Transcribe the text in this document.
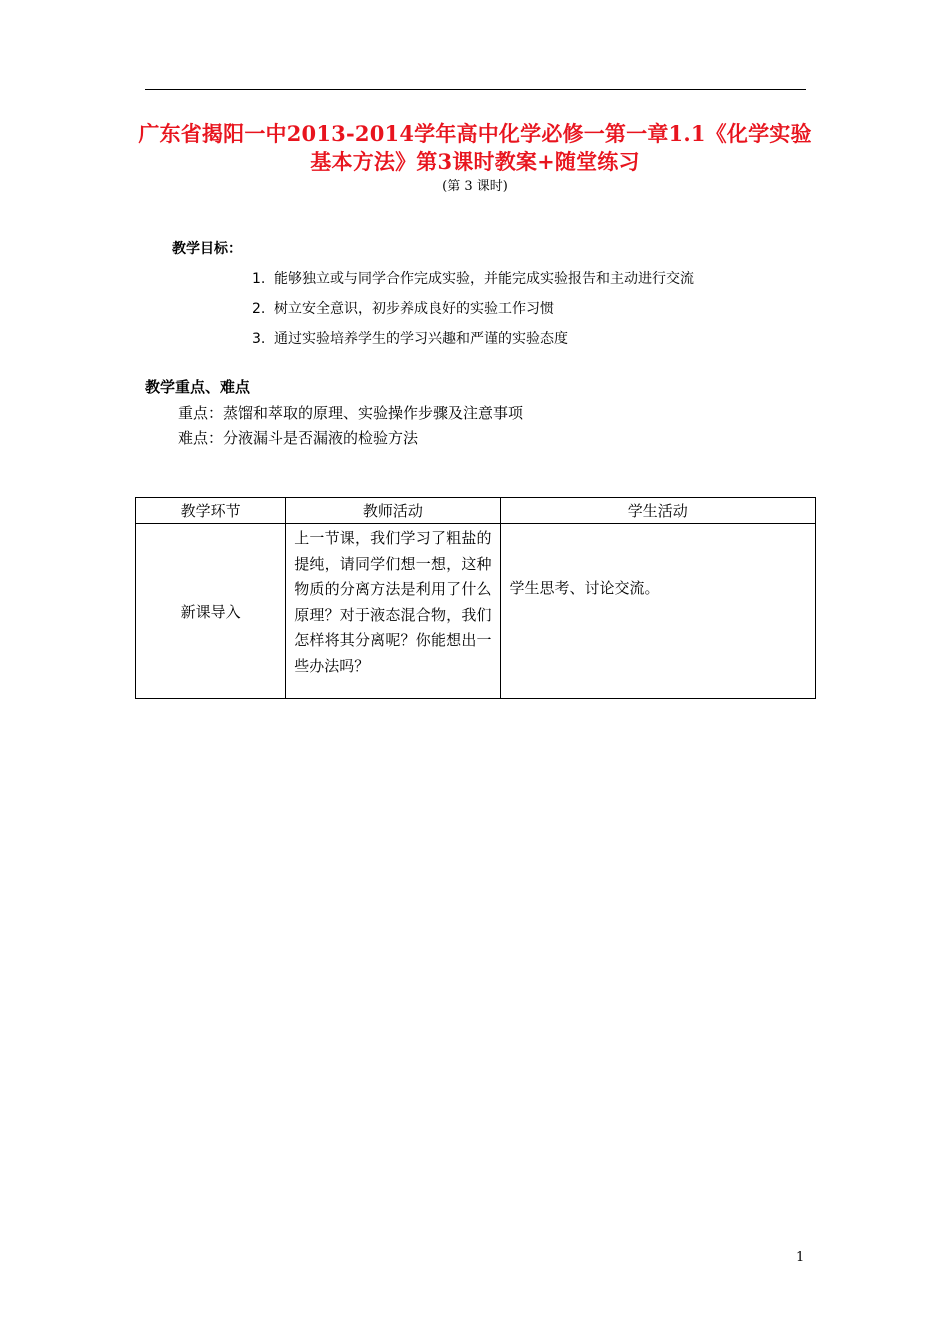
广东省揭阳一中2013-2014学年高中化学必修一第一章1.1《化学实验基本方法》第3课时教案+随堂练习
(第 3 课时)
教学目标：
1. 能够独立或与同学合作完成实验，并能完成实验报告和主动进行交流
2. 树立安全意识，初步养成良好的实验工作习惯
3. 通过实验培养学生的学习兴趣和严谨的实验态度
教学重点、难点
重点：蒸馏和萃取的原理、实验操作步骤及注意事项
难点：分液漏斗是否漏液的检验方法
教学环节	教师活动	学生活动
新课导入	上一节课，我们学习了粗盐的提纯，请同学们想一想，这种物质的分离方法是利用了什么原理？对于液态混合物，我们怎样将其分离呢？你能想出一些办法吗？	学生思考、讨论交流。
1
